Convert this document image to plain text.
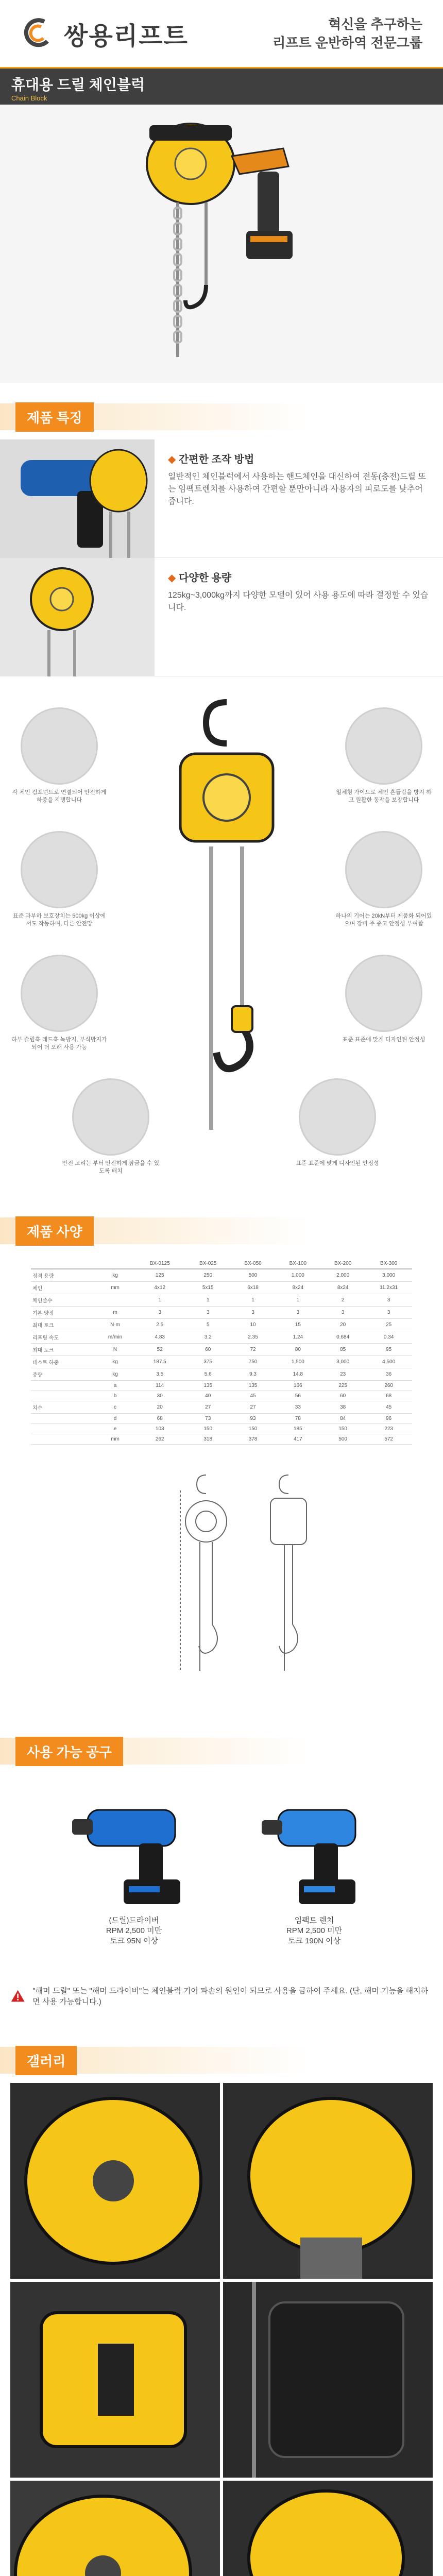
쌍용리프트	혁신을 추구하는
리프트 운반하역 전문그룹
휴대용 드릴 체인블럭
Chain Block
제품 특징
◆ 간편한 조작 방법
일반적인 체인블럭에서 사용하는 핸드체인을 대신하여 전동(충전)드릴 또는 임팩트렌치를 사용하여 간편할 뿐만아니라 사용자의 피로도를 낮추어 줍니다.
◆ 다양한 용량
125kg~3,000kg까지 다양한 모델이 있어 사용 용도에 따라 결정할 수 있습니다.
각 체인 컴포넌트로 연결되어 안전하게 하중을 지탱합니다
일체형 가이드로 체인 흔들림을 방지 하고 원활한 동작을 보장합니다
표준 과부하 보호장치는 500kg 이상에서도 작동하며, 다른 안전망
하나의 기어는 20kN부터 제품화 되어있으며 장비 주 중고 안정성 부여함
하부 슬립훅 레드훅 녹방지, 부식방지가 되어 더 오래 사용 가능
표준 표준에 맞게 디자인된 안정성
안전 고리는 부터 안전하게 잠금을 수 있도록 배치
표준 표준에 맞게 디자인된 안정성
제품 사양
		BX-0125	BX-025	BX-050	BX-100	BX-200	BX-300
정격 용량	kg	125	250	500	1,000	2,000	3,000
체인	mm	4x12	5x15	6x18	8x24	8x24	11.2x31
체인줄수		1	1	1	1	2	3
기본 양정	m	3	3	3	3	3	3
최대 토크	N·m	2.5	5	10	15	20	25
리프팅 속도	m/min	4.83	3.2	2.35	1.24	0.684	0.34
최대 토크	N	52	60	72	80	85	95
테스트 하중	kg	187.5	375	750	1,500	3,000	4,500
중량	kg	3.5	5.6	9.3	14.8	23	36
	a	114	135	135	166	225	260
	b	30	40	45	56	60	68
치수	c	20	27	27	33	38	45
	d	68	73	93	78	84	96
	e	103	150	150	185	150	223
	mm	262	318	378	417	500	572
사용 가능 공구
(드릴)드라이버
RPM 2,500 미만
토크 95N 이상
임팩트 렌치
RPM 2,500 미만
토크 190N 이상
"해머 드릴" 또는 "해머 드라이버"는 체인블럭 기어 파손의 원인이 되므로 사용을 금하여 주세요. (단, 해머 기능을 해지하면 사용 가능합니다.)
갤러리
